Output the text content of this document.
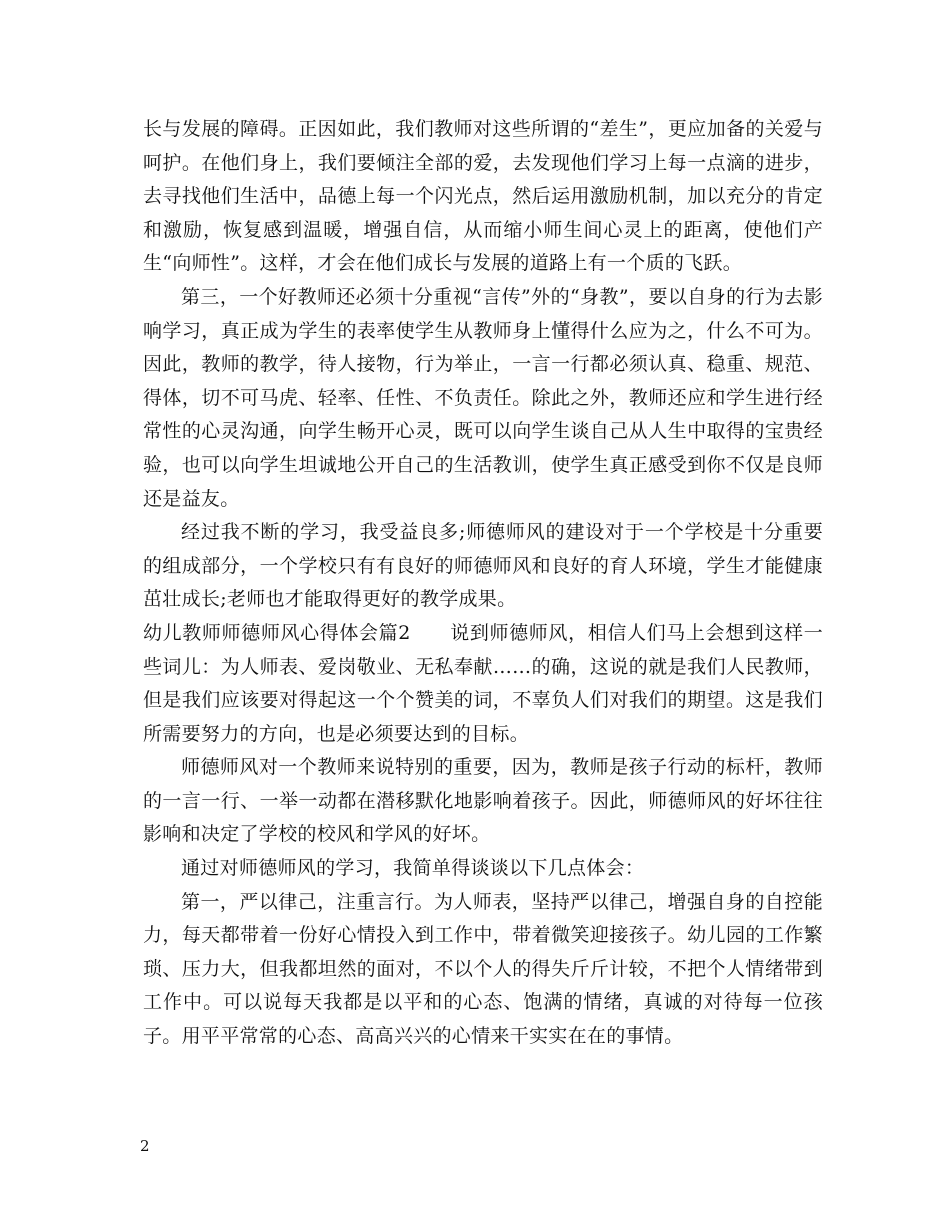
长与发展的障碍。正因如此，我们教师对这些所谓的“差生”，更应加备的关爱与呵护。在他们身上，我们要倾注全部的爱，去发现他们学习上每一点滴的进步，去寻找他们生活中，品德上每一个闪光点，然后运用激励机制，加以充分的肯定和激励，恢复感到温暖，增强自信，从而缩小师生间心灵上的距离，使他们产生“向师性”。这样，才会在他们成长与发展的道路上有一个质的飞跃。

第三，一个好教师还必须十分重视“言传”外的“身教”，要以自身的行为去影响学习，真正成为学生的表率使学生从教师身上懂得什么应为之，什么不可为。因此，教师的教学，待人接物，行为举止，一言一行都必须认真、稳重、规范、得体，切不可马虎、轻率、任性、不负责任。除此之外，教师还应和学生进行经常性的心灵沟通，向学生畅开心灵，既可以向学生谈自己从人生中取得的宝贵经验，也可以向学生坦诚地公开自己的生活教训，使学生真正感受到你不仅是良师还是益友。

经过我不断的学习，我受益良多;师德师风的建设对于一个学校是十分重要的组成部分，一个学校只有有良好的师德师风和良好的育人环境，学生才能健康茁壮成长;老师也才能取得更好的教学成果。

幼儿教师师德师风心得体会篇2　　说到师德师风，相信人们马上会想到这样一些词儿：为人师表、爱岗敬业、无私奉献……的确，这说的就是我们人民教师，但是我们应该要对得起这一个个赞美的词，不辜负人们对我们的期望。这是我们所需要努力的方向，也是必须要达到的目标。

师德师风对一个教师来说特别的重要，因为，教师是孩子行动的标杆，教师的一言一行、一举一动都在潜移默化地影响着孩子。因此，师德师风的好坏往往影响和决定了学校的校风和学风的好坏。

通过对师德师风的学习，我简单得谈谈以下几点体会：

第一，严以律己，注重言行。为人师表，坚持严以律己，增强自身的自控能力，每天都带着一份好心情投入到工作中，带着微笑迎接孩子。幼儿园的工作繁琐、压力大，但我都坦然的面对，不以个人的得失斤斤计较，不把个人情绪带到工作中。可以说每天我都是以平和的心态、饱满的情绪，真诚的对待每一位孩子。用平平常常的心态、高高兴兴的心情来干实实在在的事情。

2
